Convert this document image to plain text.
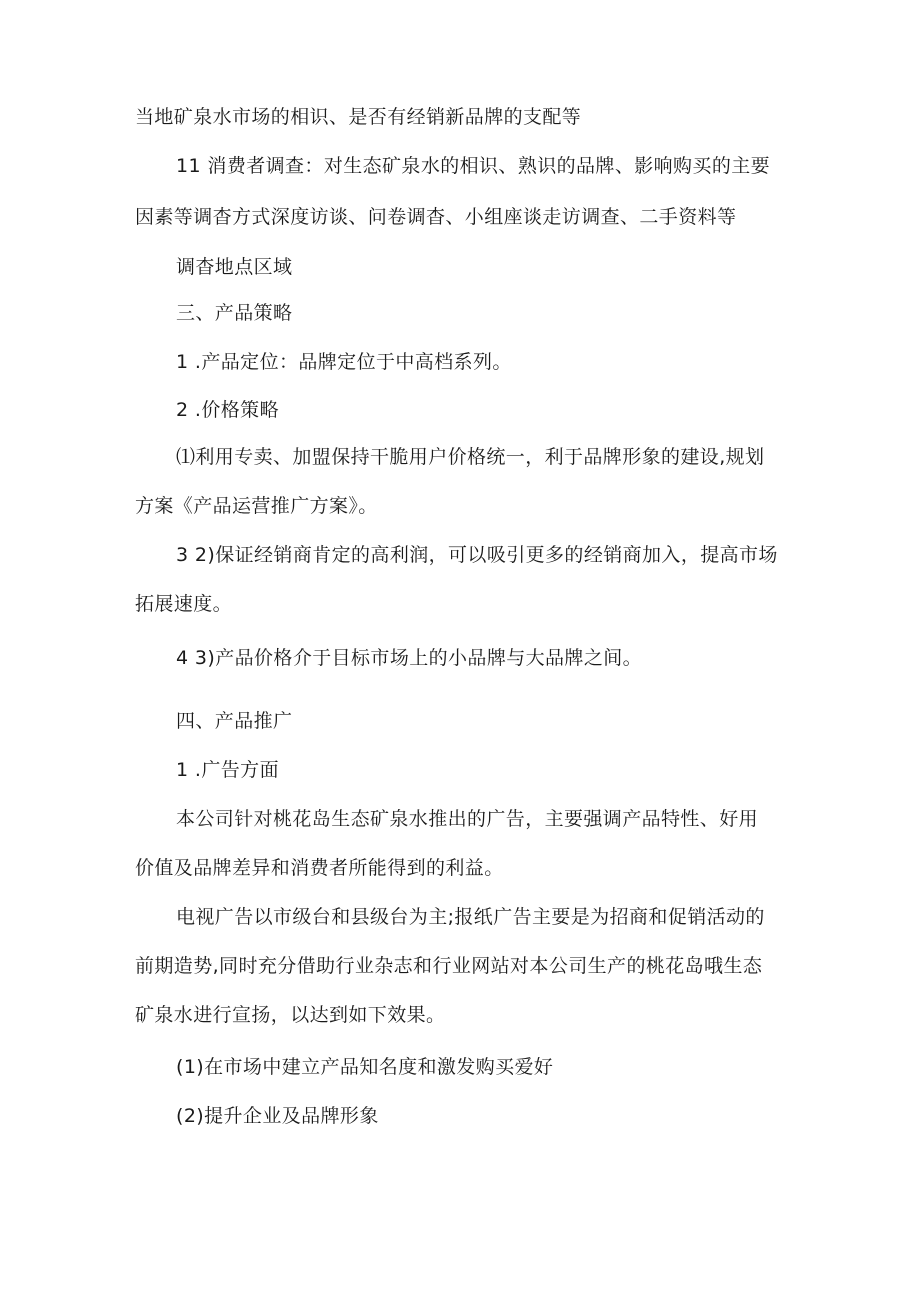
当地矿泉水市场的相识、是否有经销新品牌的支配等
11 消费者调查：对生态矿泉水的相识、熟识的品牌、影响购买的主要
因素等调杳方式深度访谈、问卷调杳、小组座谈走访调查、二手资料等
调杳地点区域
三、产品策略
1 .产品定位：品牌定位于中高档系列。
2 .价格策略
⑴利用专卖、加盟保持干脆用户价格统一，利于品牌形象的建设,规划
方案《产品运营推广方案》。
3 2)保证经销商肯定的高利润，可以吸引更多的经销商加入，提高市场
拓展速度。
4 3)产品价格介于目标市场上的小品牌与大品牌之间。
四、产品推广
1 .广告方面
本公司针对桃花岛生态矿泉水推出的广告，主要强调产品特性、好用
价值及品牌差异和消费者所能得到的利益。
电视广告以市级台和县级台为主;报纸广告主要是为招商和促销活动的
前期造势,同时充分借助行业杂志和行业网站对本公司生产的桃花岛哦生态
矿泉水进行宣扬，以达到如下效果。
(1)在市场中建立产品知名度和激发购买爱好
(2)提升企业及品牌形象
